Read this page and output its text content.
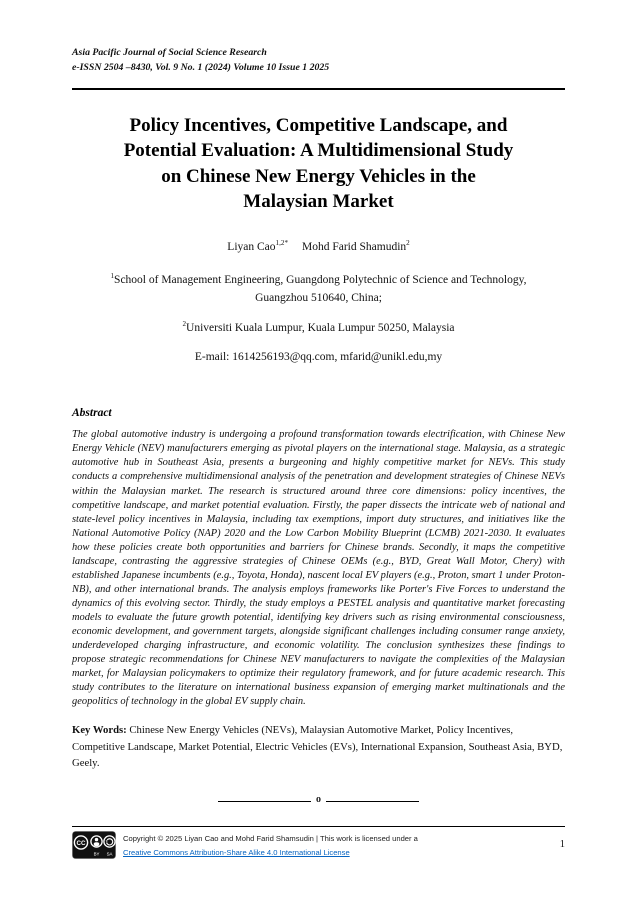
Asia Pacific Journal of Social Science Research
e-ISSN 2504 –8430, Vol. 9 No. 1 (2024) Volume 10 Issue 1 2025
Policy Incentives, Competitive Landscape, and
Potential Evaluation: A Multidimensional Study
on Chinese New Energy Vehicles in the
Malaysian Market
Liyan Cao$^{1,2*}$ Mohd Farid Shamudin$^2$
$^1$School of Management Engineering, Guangdong Polytechnic of Science and Technology,
Guangzhou 510640, China;
$^2$Universiti Kuala Lumpur, Kuala Lumpur 50250, Malaysia
E-mail: 1614256193@qq.com, mfarid@unikl.edu,my
Abstract
The global automotive industry is undergoing a profound transformation towards electrification, with Chinese New Energy Vehicle (NEV) manufacturers emerging as pivotal players on the international stage. Malaysia, as a strategic automotive hub in Southeast Asia, presents a burgeoning and highly competitive market for NEVs. This study conducts a comprehensive multidimensional analysis of the penetration and development strategies of Chinese NEVs within the Malaysian market. The research is structured around three core dimensions: policy incentives, the competitive landscape, and market potential evaluation. Firstly, the paper dissects the intricate web of national and state-level policy incentives in Malaysia, including tax exemptions, import duty structures, and initiatives like the National Automotive Policy (NAP) 2020 and the Low Carbon Mobility Blueprint (LCMB) 2021-2030. It evaluates how these policies create both opportunities and barriers for Chinese brands. Secondly, it maps the competitive landscape, contrasting the aggressive strategies of Chinese OEMs (e.g., BYD, Great Wall Motor, Chery) with established Japanese incumbents (e.g., Toyota, Honda), nascent local EV players (e.g., Proton, smart 1 under Proton-NB), and other international brands. The analysis employs frameworks like Porter's Five Forces to understand the dynamics of this evolving sector. Thirdly, the study employs a PESTEL analysis and quantitative market forecasting models to evaluate the future growth potential, identifying key drivers such as rising environmental consciousness, economic development, and government targets, alongside significant challenges including consumer range anxiety, underdeveloped charging infrastructure, and economic volatility. The conclusion synthesizes these findings to propose strategic recommendations for Chinese NEV manufacturers to navigate the complexities of the Malaysian market, for Malaysian policymakers to optimize their regulatory framework, and for future academic research. This study contributes to the literature on international business expansion of emerging market multinationals and the geopolitics of technology in the global EV supply chain.
Key Words: Chinese New Energy Vehicles (NEVs), Malaysian Automotive Market, Policy Incentives, Competitive Landscape, Market Potential, Electric Vehicles (EVs), International Expansion, Southeast Asia, BYD, Geely.
o
CC
BY SA
Copyright © 2025 Liyan Cao and Mohd Farid Shamsudin | This work is licensed under a
Creative Commons Attribution-Share Alike 4.0 International License
1
